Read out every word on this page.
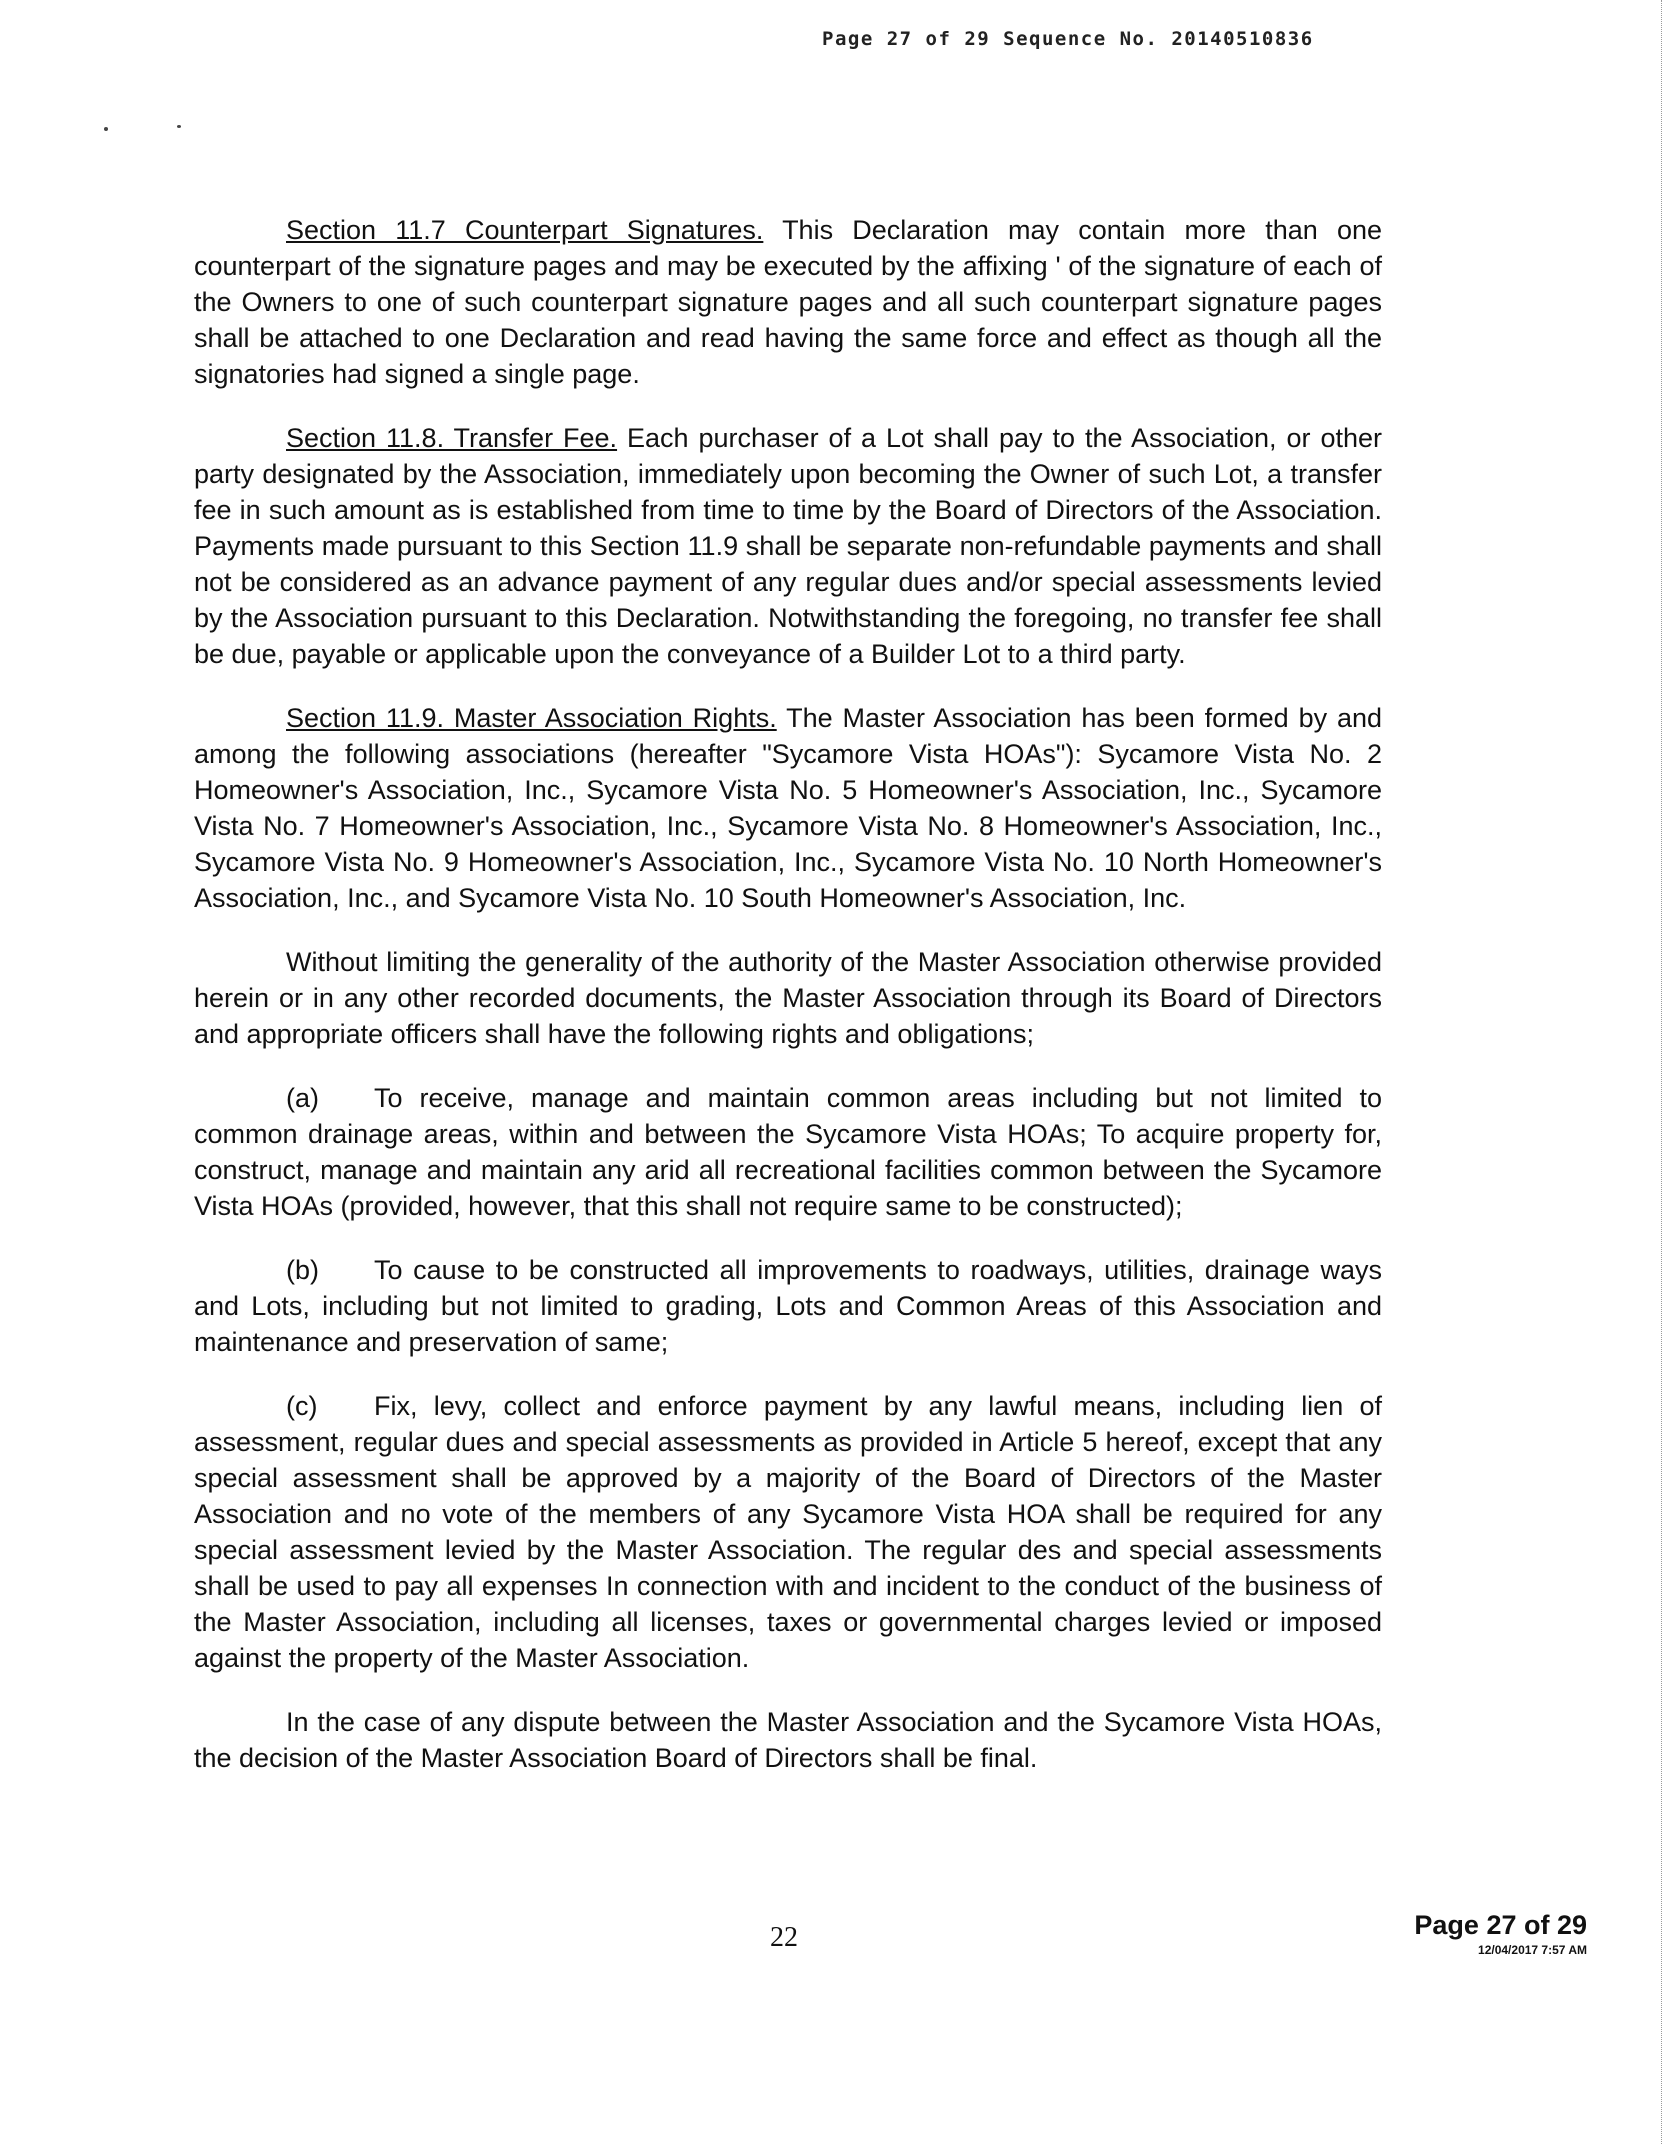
Page 27 of 29 Sequence No. 20140510836

Section 11.7 Counterpart Signatures. This Declaration may contain more than one counterpart of the signature pages and may be executed by the affixing ' of the signature of each of the Owners to one of such counterpart signature pages and all such counterpart signature pages shall be attached to one Declaration and read having the same force and effect as though all the signatories had signed a single page.

Section 11.8. Transfer Fee. Each purchaser of a Lot shall pay to the Association, or other party designated by the Association, immediately upon becoming the Owner of such Lot, a transfer fee in such amount as is established from time to time by the Board of Directors of the Association. Payments made pursuant to this Section 11.9 shall be separate non-refundable payments and shall not be considered as an advance payment of any regular dues and/or special assessments levied by the Association pursuant to this Declaration. Notwithstanding the foregoing, no transfer fee shall be due, payable or applicable upon the conveyance of a Builder Lot to a third party.

Section 11.9. Master Association Rights. The Master Association has been formed by and among the following associations (hereafter "Sycamore Vista HOAs"): Sycamore Vista No. 2 Homeowner's Association, Inc., Sycamore Vista No. 5 Homeowner's Association, Inc., Sycamore Vista No. 7 Homeowner's Association, Inc., Sycamore Vista No. 8 Homeowner's Association, Inc., Sycamore Vista No. 9 Homeowner's Association, Inc., Sycamore Vista No. 10 North Homeowner's Association, Inc., and Sycamore Vista No. 10 South Homeowner's Association, Inc.

Without limiting the generality of the authority of the Master Association otherwise provided herein or in any other recorded documents, the Master Association through its Board of Directors and appropriate officers shall have the following rights and obligations;

(a) To receive, manage and maintain common areas including but not limited to common drainage areas, within and between the Sycamore Vista HOAs; To acquire property for, construct, manage and maintain any arid all recreational facilities common between the Sycamore Vista HOAs (provided, however, that this shall not require same to be constructed);

(b) To cause to be constructed all improvements to roadways, utilities, drainage ways and Lots, including but not limited to grading, Lots and Common Areas of this Association and maintenance and preservation of same;

(c) Fix, levy, collect and enforce payment by any lawful means, including lien of assessment, regular dues and special assessments as provided in Article 5 hereof, except that any special assessment shall be approved by a majority of the Board of Directors of the Master Association and no vote of the members of any Sycamore Vista HOA shall be required for any special assessment levied by the Master Association. The regular des and special assessments shall be used to pay all expenses In connection with and incident to the conduct of the business of the Master Association, including all licenses, taxes or governmental charges levied or imposed against the property of the Master Association.

In the case of any dispute between the Master Association and the Sycamore Vista HOAs, the decision of the Master Association Board of Directors shall be final.

22	Page 27 of 29
12/04/2017 7:57 AM
